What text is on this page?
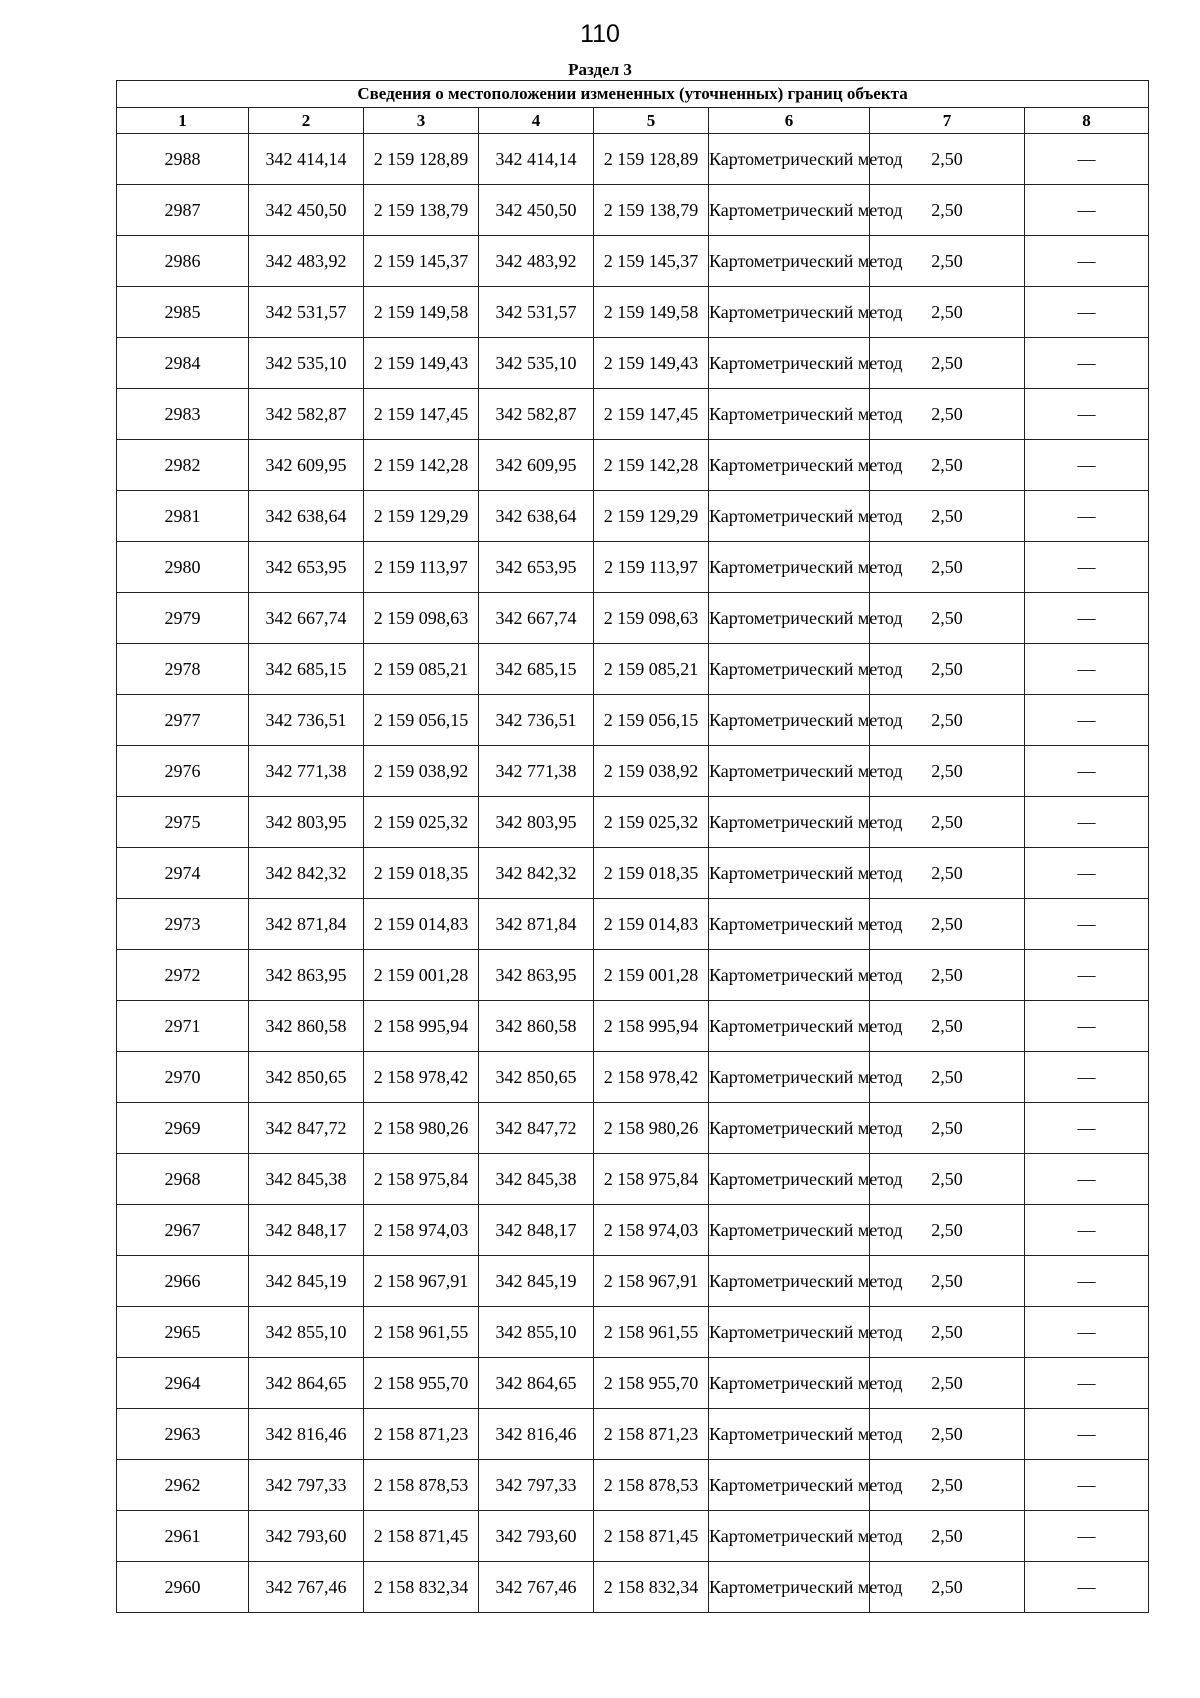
110
Раздел 3
Сведения о местоположении измененных (уточненных) границ объекта							
1	2	3	4	5	6	7	8
2988	342 414,14	2 159 128,89	342 414,14	2 159 128,89	Картометрический метод	2,50	—
2987	342 450,50	2 159 138,79	342 450,50	2 159 138,79	Картометрический метод	2,50	—
2986	342 483,92	2 159 145,37	342 483,92	2 159 145,37	Картометрический метод	2,50	—
2985	342 531,57	2 159 149,58	342 531,57	2 159 149,58	Картометрический метод	2,50	—
2984	342 535,10	2 159 149,43	342 535,10	2 159 149,43	Картометрический метод	2,50	—
2983	342 582,87	2 159 147,45	342 582,87	2 159 147,45	Картометрический метод	2,50	—
2982	342 609,95	2 159 142,28	342 609,95	2 159 142,28	Картометрический метод	2,50	—
2981	342 638,64	2 159 129,29	342 638,64	2 159 129,29	Картометрический метод	2,50	—
2980	342 653,95	2 159 113,97	342 653,95	2 159 113,97	Картометрический метод	2,50	—
2979	342 667,74	2 159 098,63	342 667,74	2 159 098,63	Картометрический метод	2,50	—
2978	342 685,15	2 159 085,21	342 685,15	2 159 085,21	Картометрический метод	2,50	—
2977	342 736,51	2 159 056,15	342 736,51	2 159 056,15	Картометрический метод	2,50	—
2976	342 771,38	2 159 038,92	342 771,38	2 159 038,92	Картометрический метод	2,50	—
2975	342 803,95	2 159 025,32	342 803,95	2 159 025,32	Картометрический метод	2,50	—
2974	342 842,32	2 159 018,35	342 842,32	2 159 018,35	Картометрический метод	2,50	—
2973	342 871,84	2 159 014,83	342 871,84	2 159 014,83	Картометрический метод	2,50	—
2972	342 863,95	2 159 001,28	342 863,95	2 159 001,28	Картометрический метод	2,50	—
2971	342 860,58	2 158 995,94	342 860,58	2 158 995,94	Картометрический метод	2,50	—
2970	342 850,65	2 158 978,42	342 850,65	2 158 978,42	Картометрический метод	2,50	—
2969	342 847,72	2 158 980,26	342 847,72	2 158 980,26	Картометрический метод	2,50	—
2968	342 845,38	2 158 975,84	342 845,38	2 158 975,84	Картометрический метод	2,50	—
2967	342 848,17	2 158 974,03	342 848,17	2 158 974,03	Картометрический метод	2,50	—
2966	342 845,19	2 158 967,91	342 845,19	2 158 967,91	Картометрический метод	2,50	—
2965	342 855,10	2 158 961,55	342 855,10	2 158 961,55	Картометрический метод	2,50	—
2964	342 864,65	2 158 955,70	342 864,65	2 158 955,70	Картометрический метод	2,50	—
2963	342 816,46	2 158 871,23	342 816,46	2 158 871,23	Картометрический метод	2,50	—
2962	342 797,33	2 158 878,53	342 797,33	2 158 878,53	Картометрический метод	2,50	—
2961	342 793,60	2 158 871,45	342 793,60	2 158 871,45	Картометрический метод	2,50	—
2960	342 767,46	2 158 832,34	342 767,46	2 158 832,34	Картометрический метод	2,50	—
